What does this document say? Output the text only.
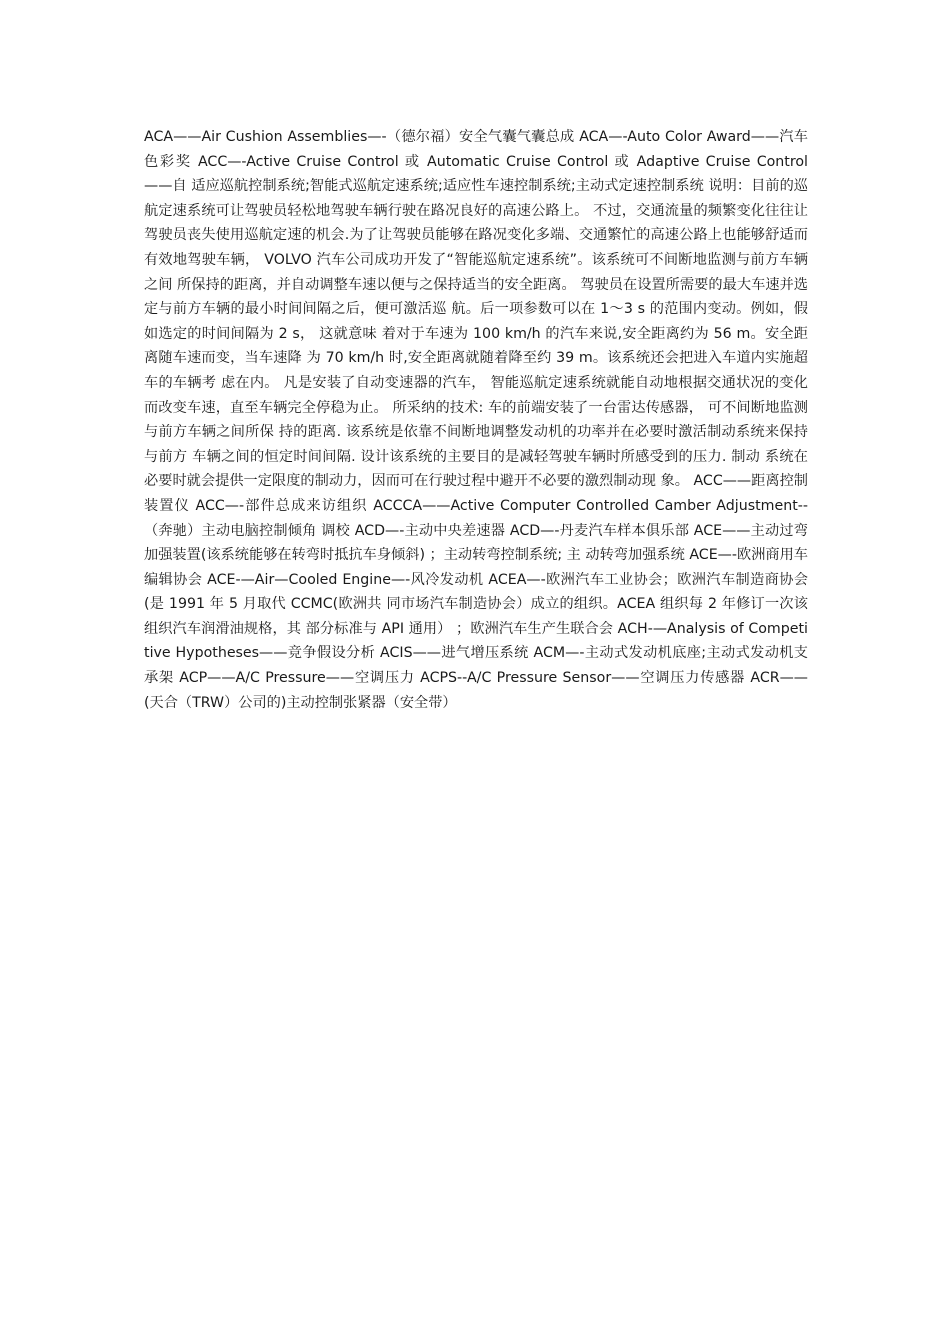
ACA——Air Cushion Assemblies—-（德尔福）安全气囊气囊总成 ACA—-Auto Color Award——汽车色彩奖 ACC—-Active Cruise Control 或 Automatic Cruise Control 或 Adaptive Cruise Control——自 适应巡航控制系统;智能式巡航定速系统;适应性车速控制系统;主动式定速控制系统 说明：目前的巡航定速系统可让驾驶员轻松地驾驶车辆行驶在路况良好的高速公路上。 不过，交通流量的频繁变化往往让驾驶员丧失使用巡航定速的机会.为了让驾驶员能够在路况变化多端、交通繁忙的高速公路上也能够舒适而有效地驾驶车辆， VOLVO 汽车公司成功开发了“智能巡航定速系统”。该系统可不间断地监测与前方车辆之间 所保持的距离，并自动调整车速以便与之保持适当的安全距离。 驾驶员在设置所需要的最大车速并选定与前方车辆的最小时间间隔之后，便可激活巡 航。后一项参数可以在 1～3 s 的范围内变动。例如，假如选定的时间间隔为 2 s， 这就意味 着对于车速为 100 km/h 的汽车来说,安全距离约为 56 m。安全距离随车速而变，当车速降 为 70 km/h 时,安全距离就随着降至约 39 m。该系统还会把进入车道内实施超车的车辆考 虑在内。 凡是安装了自动变速器的汽车， 智能巡航定速系统就能自动地根据交通状况的变化 而改变车速，直至车辆完全停稳为止。 所采纳的技术: 车的前端安装了一台雷达传感器， 可不间断地监测与前方车辆之间所保 持的距离. 该系统是依靠不间断地调整发动机的功率并在必要时激活制动系统来保持与前方 车辆之间的恒定时间间隔. 设计该系统的主要目的是减轻驾驶车辆时所感受到的压力. 制动 系统在必要时就会提供一定限度的制动力，因而可在行驶过程中避开不必要的激烈制动现 象。 ACC——距离控制装置仪 ACC—-部件总成来访组织 ACCCA——Active Computer Controlled Camber Adjustment--（奔驰）主动电脑控制倾角 调校 ACD—-主动中央差速器 ACD—-丹麦汽车样本俱乐部 ACE——主动过弯加强装置(该系统能够在转弯时抵抗车身倾斜) ；主动转弯控制系统; 主 动转弯加强系统 ACE—-欧洲商用车编辑协会 ACE-—Air—Cooled Engine—-风冷发动机 ACEA—-欧洲汽车工业协会；欧洲汽车制造商协会(是 1991 年 5 月取代 CCMC(欧洲共 同市场汽车制造协会）成立的组织。ACEA 组织每 2 年修订一次该组织汽车润滑油规格，其 部分标准与 API 通用） ；欧洲汽车生产生联合会 ACH-—Analysis of Competitive Hypotheses——竞争假设分析 ACIS——进气增压系统 ACM—-主动式发动机底座;主动式发动机支承架 ACP——A/C Pressure——空调压力 ACPS--A/C Pressure Sensor——空调压力传感器 ACR——(天合（TRW）公司的)主动控制张紧器（安全带）
